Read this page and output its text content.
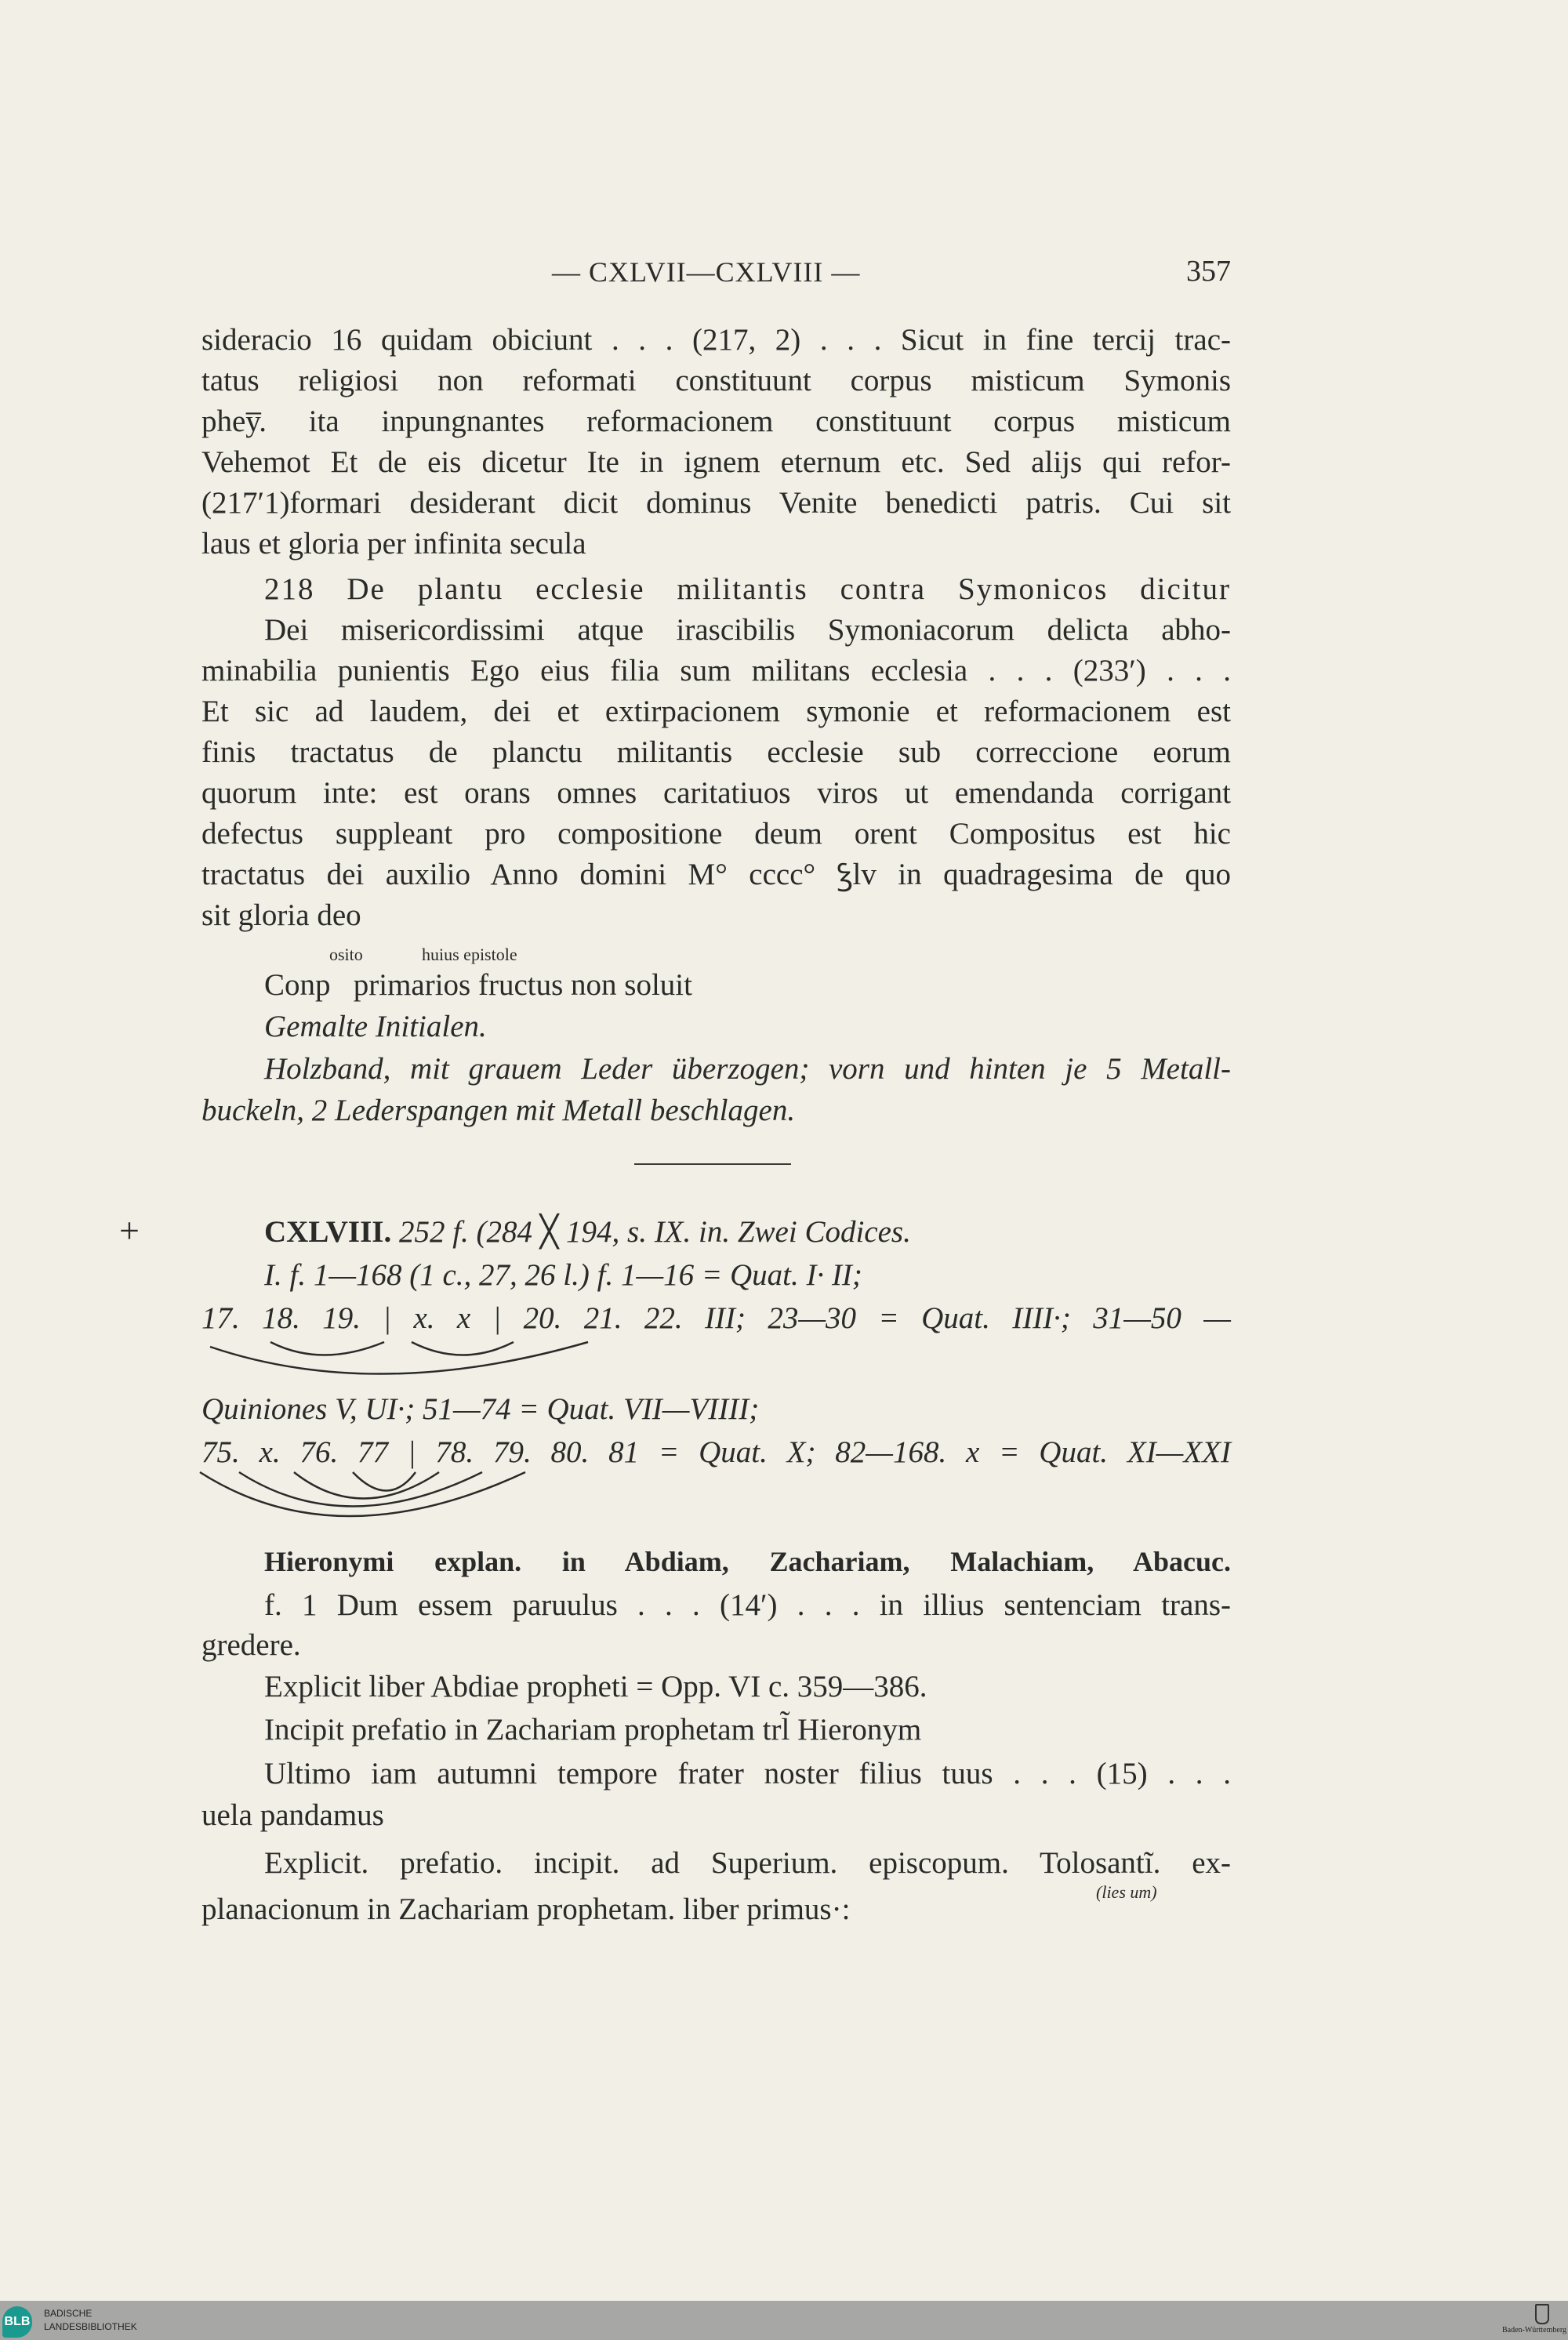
— CXLVII—CXLVIII —	357
sideracio 16 quidam obiciunt . . . (217, 2) . . . Sicut in fine tercij trac-
tatus religiosi non reformati constituunt corpus misticum Symonis
phey̅. ita inpungnantes reformacionem constituunt corpus misticum
Vehemot Et de eis dicetur Ite in ignem eternum etc. Sed alijs qui refor-
(217′1)formari desiderant dicit dominus Venite benedicti patris. Cui sit
laus et gloria per infinita secula
218 De plantu ecclesie militantis contra Symonicos dicitur
Dei misericordissimi atque irascibilis Symoniacorum delicta abho-
minabilia punientis Ego eius filia sum militans ecclesia . . . (233′) . . .
Et sic ad laudem, dei et extirpacionem symonie et reformacionem est
finis tractatus de planctu militantis ecclesie sub correccione eorum
quorum inte: est orans omnes caritatiuos viros ut emendanda corrigant
defectus suppleant pro compositione deum orent Compositus est hic
tractatus dei auxilio Anno domini M° cccc° ꝣlv in quadragesima de quo
sit gloria deo
osito	huius epistole
Conp   primarios fructus non soluit
Gemalte Initialen.
Holzband, mit grauem Leder überzogen; vorn und hinten je 5 Metall-
buckeln, 2 Lederspangen mit Metall beschlagen.
+	CXLVIII. 252 f. (284 ╳ 194, s. IX. in. Zwei Codices.
I. f. 1—168 (1 c., 27, 26 l.) f. 1—16 = Quat. I· II;
17. 18. 19. | x. x | 20. 21. 22. III; 23—30 = Quat. IIII·; 31—50 —
Quiniones V, UI·; 51—74 = Quat. VII—VIIII;
75. x. 76. 77 | 78. 79. 80. 81 = Quat. X; 82—168. x = Quat. XI—XXI
Hieronymi explan. in Abdiam, Zachariam, Malachiam, Abacuc.
f. 1 Dum essem paruulus . . . (14′) . . . in illius sentenciam trans-
gredere.
Explicit liber Abdiae propheti = Opp. VI c. 359—386.
Incipit prefatio in Zachariam prophetam trl̃ Hieronym
Ultimo iam autumni tempore frater noster filius tuus . . . (15) . . .
uela pandamus
Explicit. prefatio. incipit. ad Superium. episcopum. Tolosantĩ. ex-
(lies um)
planacionum in Zachariam prophetam. liber primus·:
BLB
BADISCHE
LANDESBIBLIOTHEK	Baden-Württemberg
